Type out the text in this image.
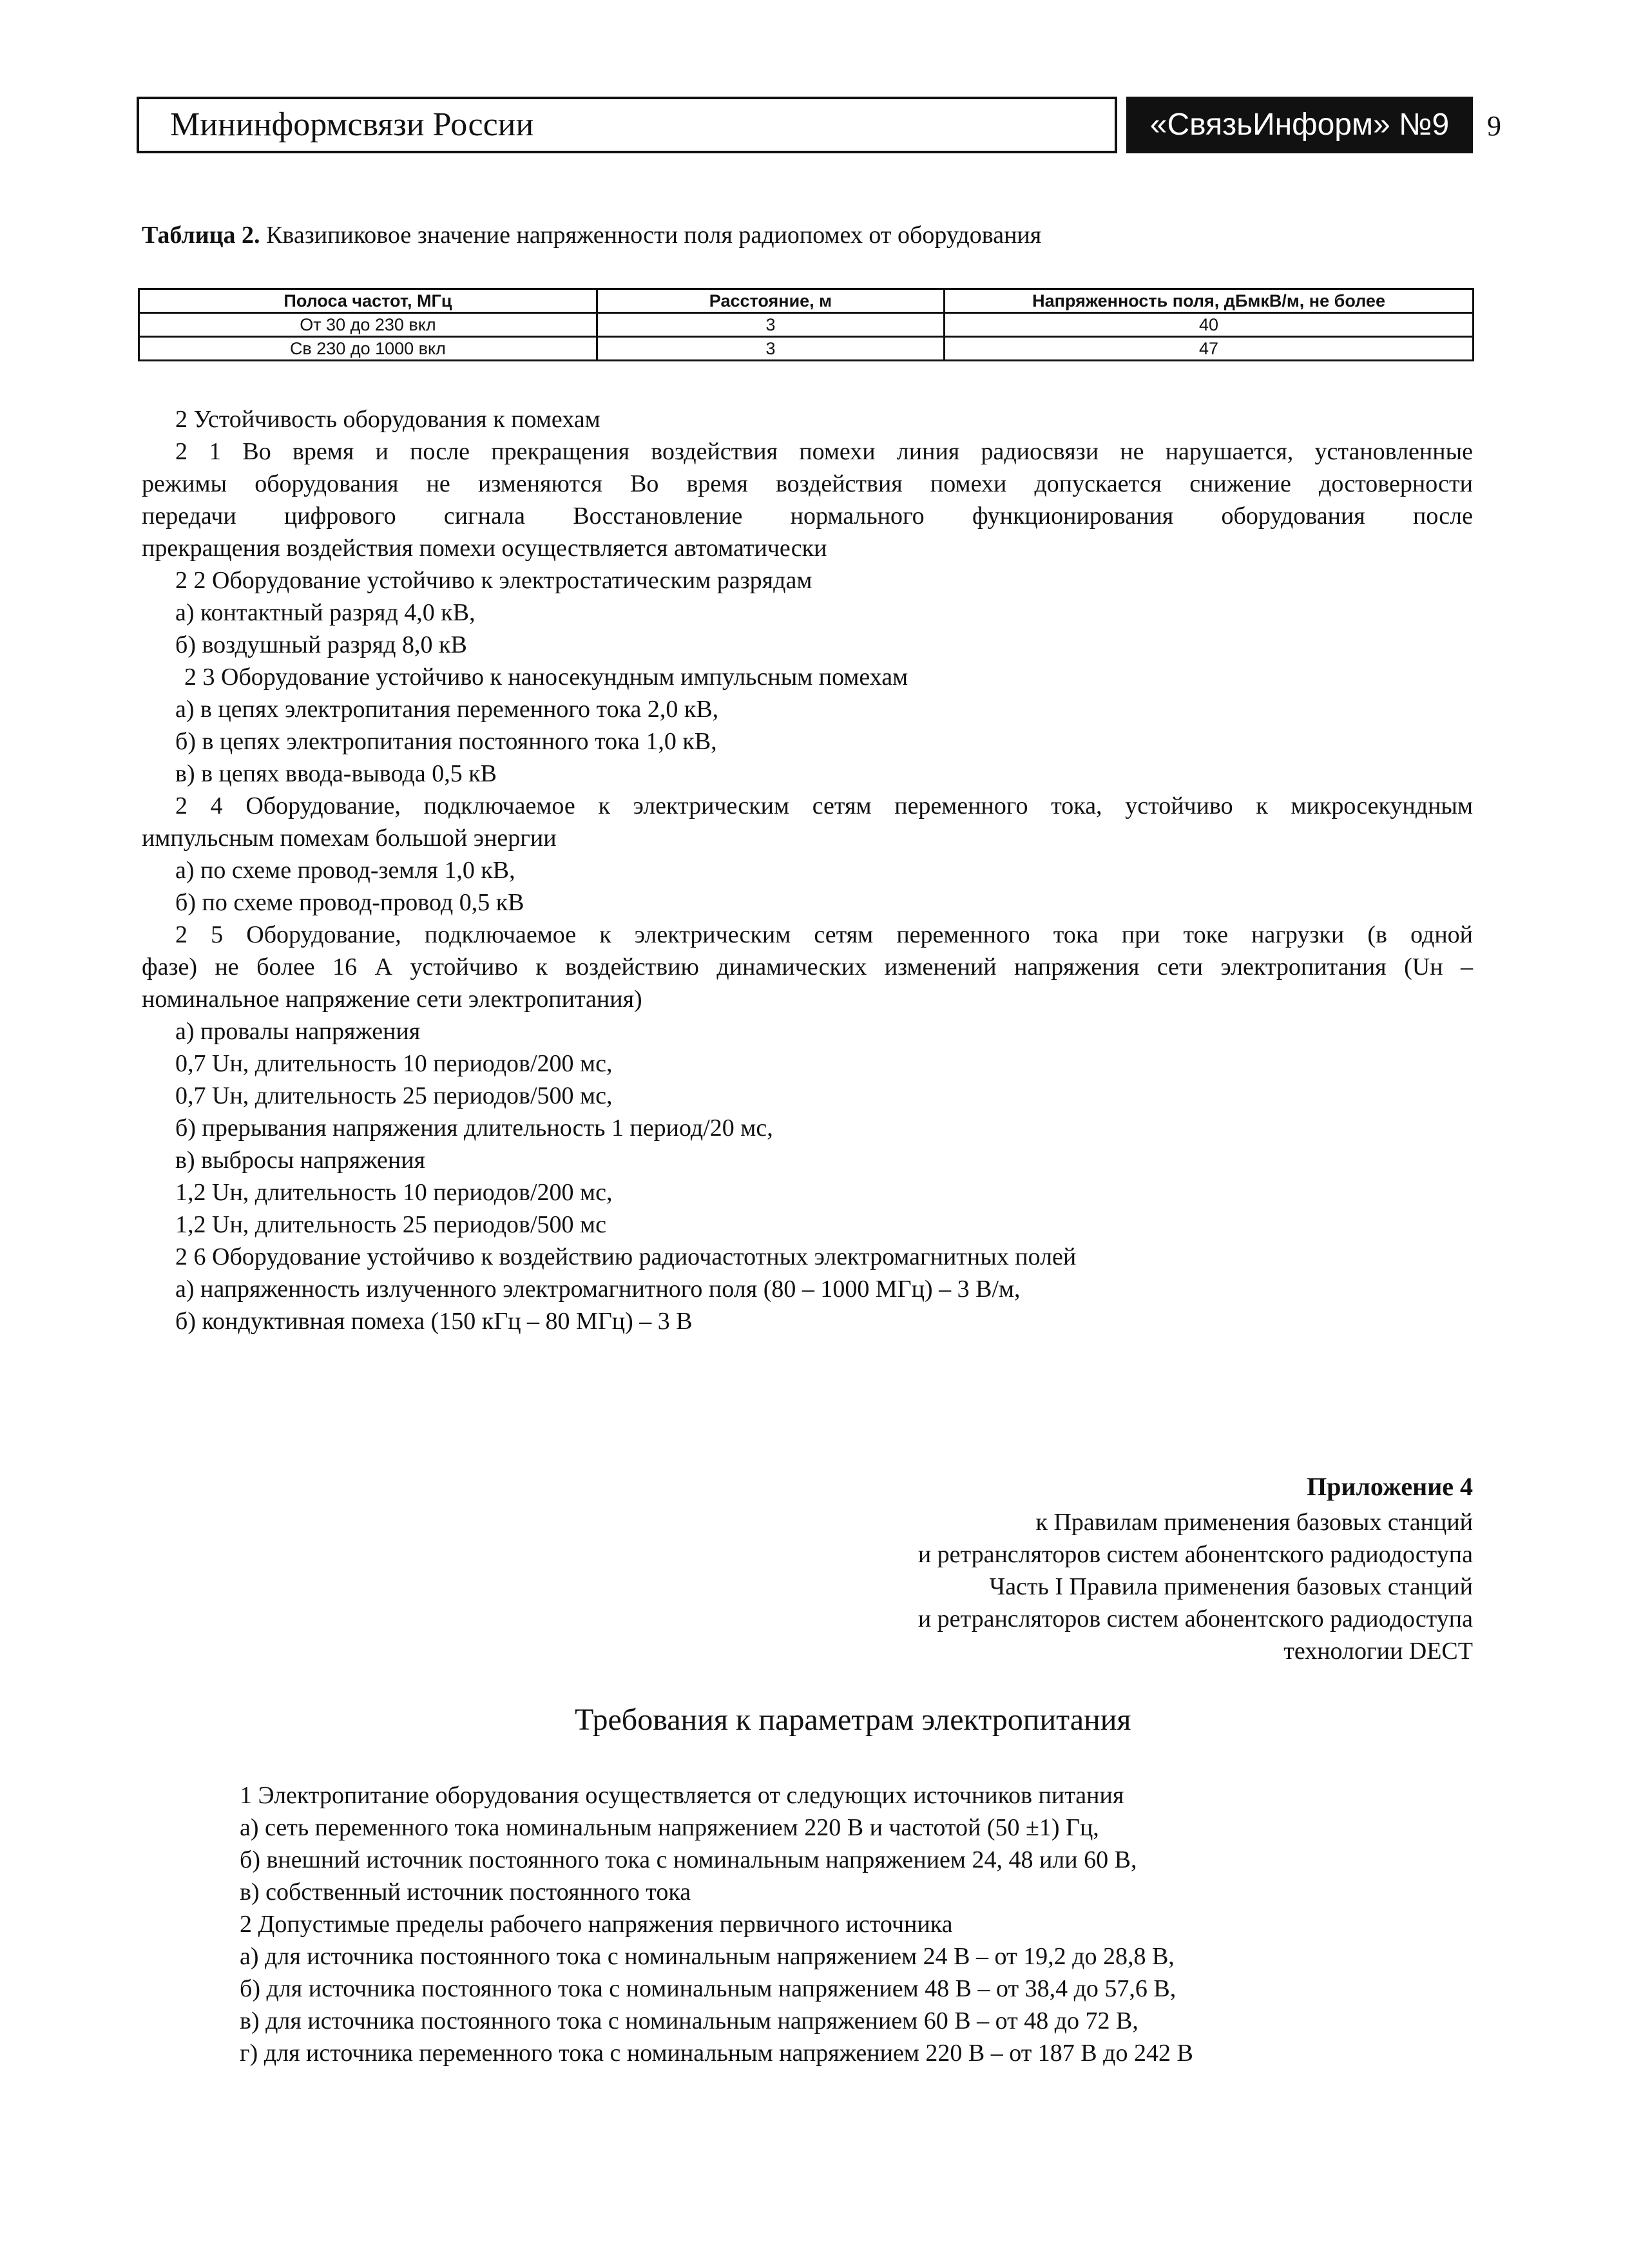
Мининформсвязи России	«СвязьИнформ» №9	9
Таблица 2. Квазипиковое значение напряженности поля радиопомех от оборудования
Полоса частот, МГц	Расстояние, м	Напряженность поля, дБмкВ/м, не более
От 30 до 230 вкл	3	40
Св 230 до 1000 вкл	3	47
2 Устойчивость оборудования к помехам
2 1 Во время и после прекращения воздействия помехи линия радиосвязи не нарушается, установленные
режимы оборудования не изменяются Во время воздействия помехи допускается снижение достоверности
передачи цифрового сигнала Восстановление нормального функционирования оборудования после
прекращения воздействия помехи осуществляется автоматически
2 2 Оборудование устойчиво к электростатическим разрядам
а) контактный разряд 4,0 кВ,
б) воздушный разряд 8,0 кВ
2 3 Оборудование устойчиво к наносекундным импульсным помехам
а) в цепях электропитания переменного тока 2,0 кВ,
б) в цепях электропитания постоянного тока 1,0 кВ,
в) в цепях ввода-вывода 0,5 кВ
2 4 Оборудование, подключаемое к электрическим сетям переменного тока, устойчиво к микросекундным
импульсным помехам большой энергии
а) по схеме провод-земля 1,0 кВ,
б) по схеме провод-провод 0,5 кВ
2 5 Оборудование, подключаемое к электрическим сетям переменного тока при токе нагрузки (в одной
фазе) не более 16 А устойчиво к воздействию динамических изменений напряжения сети электропитания (Uн –
номинальное напряжение сети электропитания)
а) провалы напряжения
0,7 Uн, длительность 10 периодов/200 мс,
0,7 Uн, длительность 25 периодов/500 мс,
б) прерывания напряжения длительность 1 период/20 мс,
в) выбросы напряжения
1,2 Uн, длительность 10 периодов/200 мс,
1,2 Uн, длительность 25 периодов/500 мс
2 6 Оборудование устойчиво к воздействию радиочастотных электромагнитных полей
а) напряженность излученного электромагнитного поля (80 – 1000 МГц) – 3 В/м,
б) кондуктивная помеха (150 кГц – 80 МГц) – 3 В
Приложение 4
к Правилам применения базовых станций
и ретрансляторов систем абонентского радиодоступа
Часть I Правила применения базовых станций
и ретрансляторов систем абонентского радиодоступа
технологии DECT
Требования к параметрам электропитания
1 Электропитание оборудования осуществляется от следующих источников питания
а) сеть переменного тока номинальным напряжением 220 В и частотой (50 ±1) Гц,
б) внешний источник постоянного тока с номинальным напряжением 24, 48 или 60 В,
в) собственный источник постоянного тока
2 Допустимые пределы рабочего напряжения первичного источника
а) для источника постоянного тока с номинальным напряжением 24 В – от 19,2 до 28,8 В,
б) для источника постоянного тока с номинальным напряжением 48 В – от 38,4 до 57,6 В,
в) для источника постоянного тока с номинальным напряжением 60 В – от 48 до 72 В,
г) для источника переменного тока с номинальным напряжением 220 В – от 187 В до 242 В
